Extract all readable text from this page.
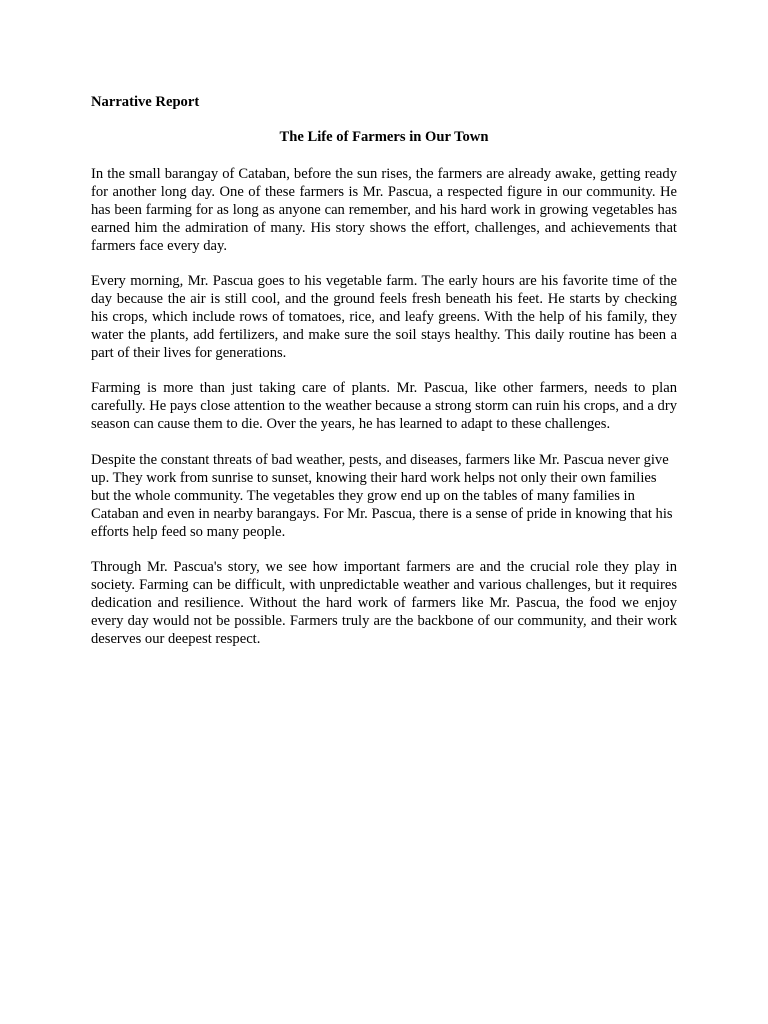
Narrative Report

The Life of Farmers in Our Town

In the small barangay of Cataban, before the sun rises, the farmers are already awake, getting ready for another long day. One of these farmers is Mr. Pascua, a respected figure in our community. He has been farming for as long as anyone can remember, and his hard work in growing vegetables has earned him the admiration of many. His story shows the effort, challenges, and achievements that farmers face every day.

Every morning, Mr. Pascua goes to his vegetable farm. The early hours are his favorite time of the day because the air is still cool, and the ground feels fresh beneath his feet. He starts by checking his crops, which include rows of tomatoes, rice, and leafy greens. With the help of his family, they water the plants, add fertilizers, and make sure the soil stays healthy. This daily routine has been a part of their lives for generations.

Farming is more than just taking care of plants. Mr. Pascua, like other farmers, needs to plan carefully. He pays close attention to the weather because a strong storm can ruin his crops, and a dry season can cause them to die. Over the years, he has learned to adapt to these challenges.

Despite the constant threats of bad weather, pests, and diseases, farmers like Mr. Pascua never give up. They work from sunrise to sunset, knowing their hard work helps not only their own families but the whole community. The vegetables they grow end up on the tables of many families in Cataban and even in nearby barangays. For Mr. Pascua, there is a sense of pride in knowing that his efforts help feed so many people.

Through Mr. Pascua's story, we see how important farmers are and the crucial role they play in society. Farming can be difficult, with unpredictable weather and various challenges, but it requires dedication and resilience. Without the hard work of farmers like Mr. Pascua, the food we enjoy every day would not be possible. Farmers truly are the backbone of our community, and their work deserves our deepest respect.
